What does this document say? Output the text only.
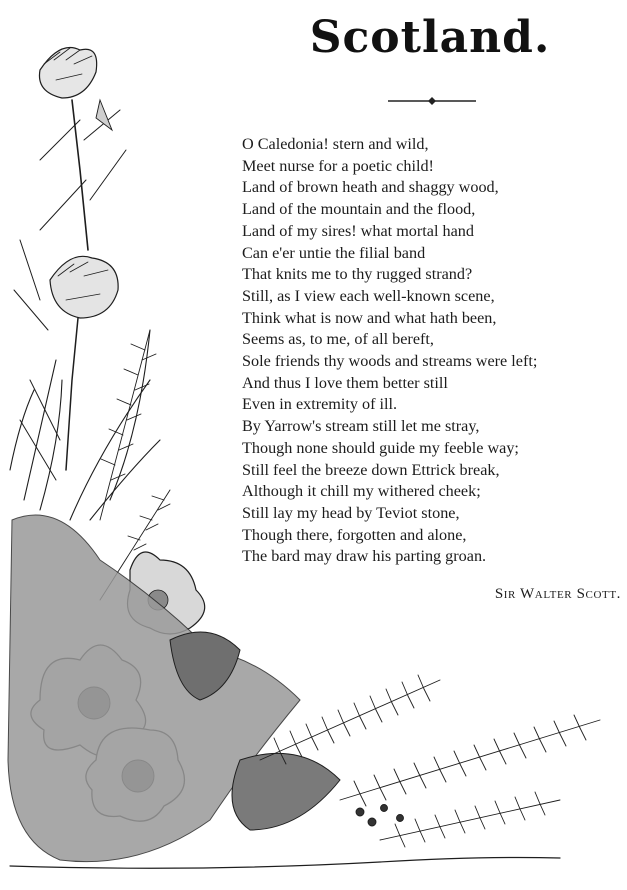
Scotland.
O Caledonia! stern and wild,
Meet nurse for a poetic child!
Land of brown heath and shaggy wood,
Land of the mountain and the flood,
Land of my sires! what mortal hand
Can e'er untie the filial band
That knits me to thy rugged strand?
Still, as I view each well-known scene,
Think what is now and what hath been,
Seems as, to me, of all bereft,
Sole friends thy woods and streams were left;
And thus I love them better still
Even in extremity of ill.
By Yarrow's stream still let me stray,
Though none should guide my feeble way;
Still feel the breeze down Ettrick break,
Although it chill my withered cheek;
Still lay my head by Teviot stone,
Though there, forgotten and alone,
The bard may draw his parting groan.
Sir Walter Scott.
